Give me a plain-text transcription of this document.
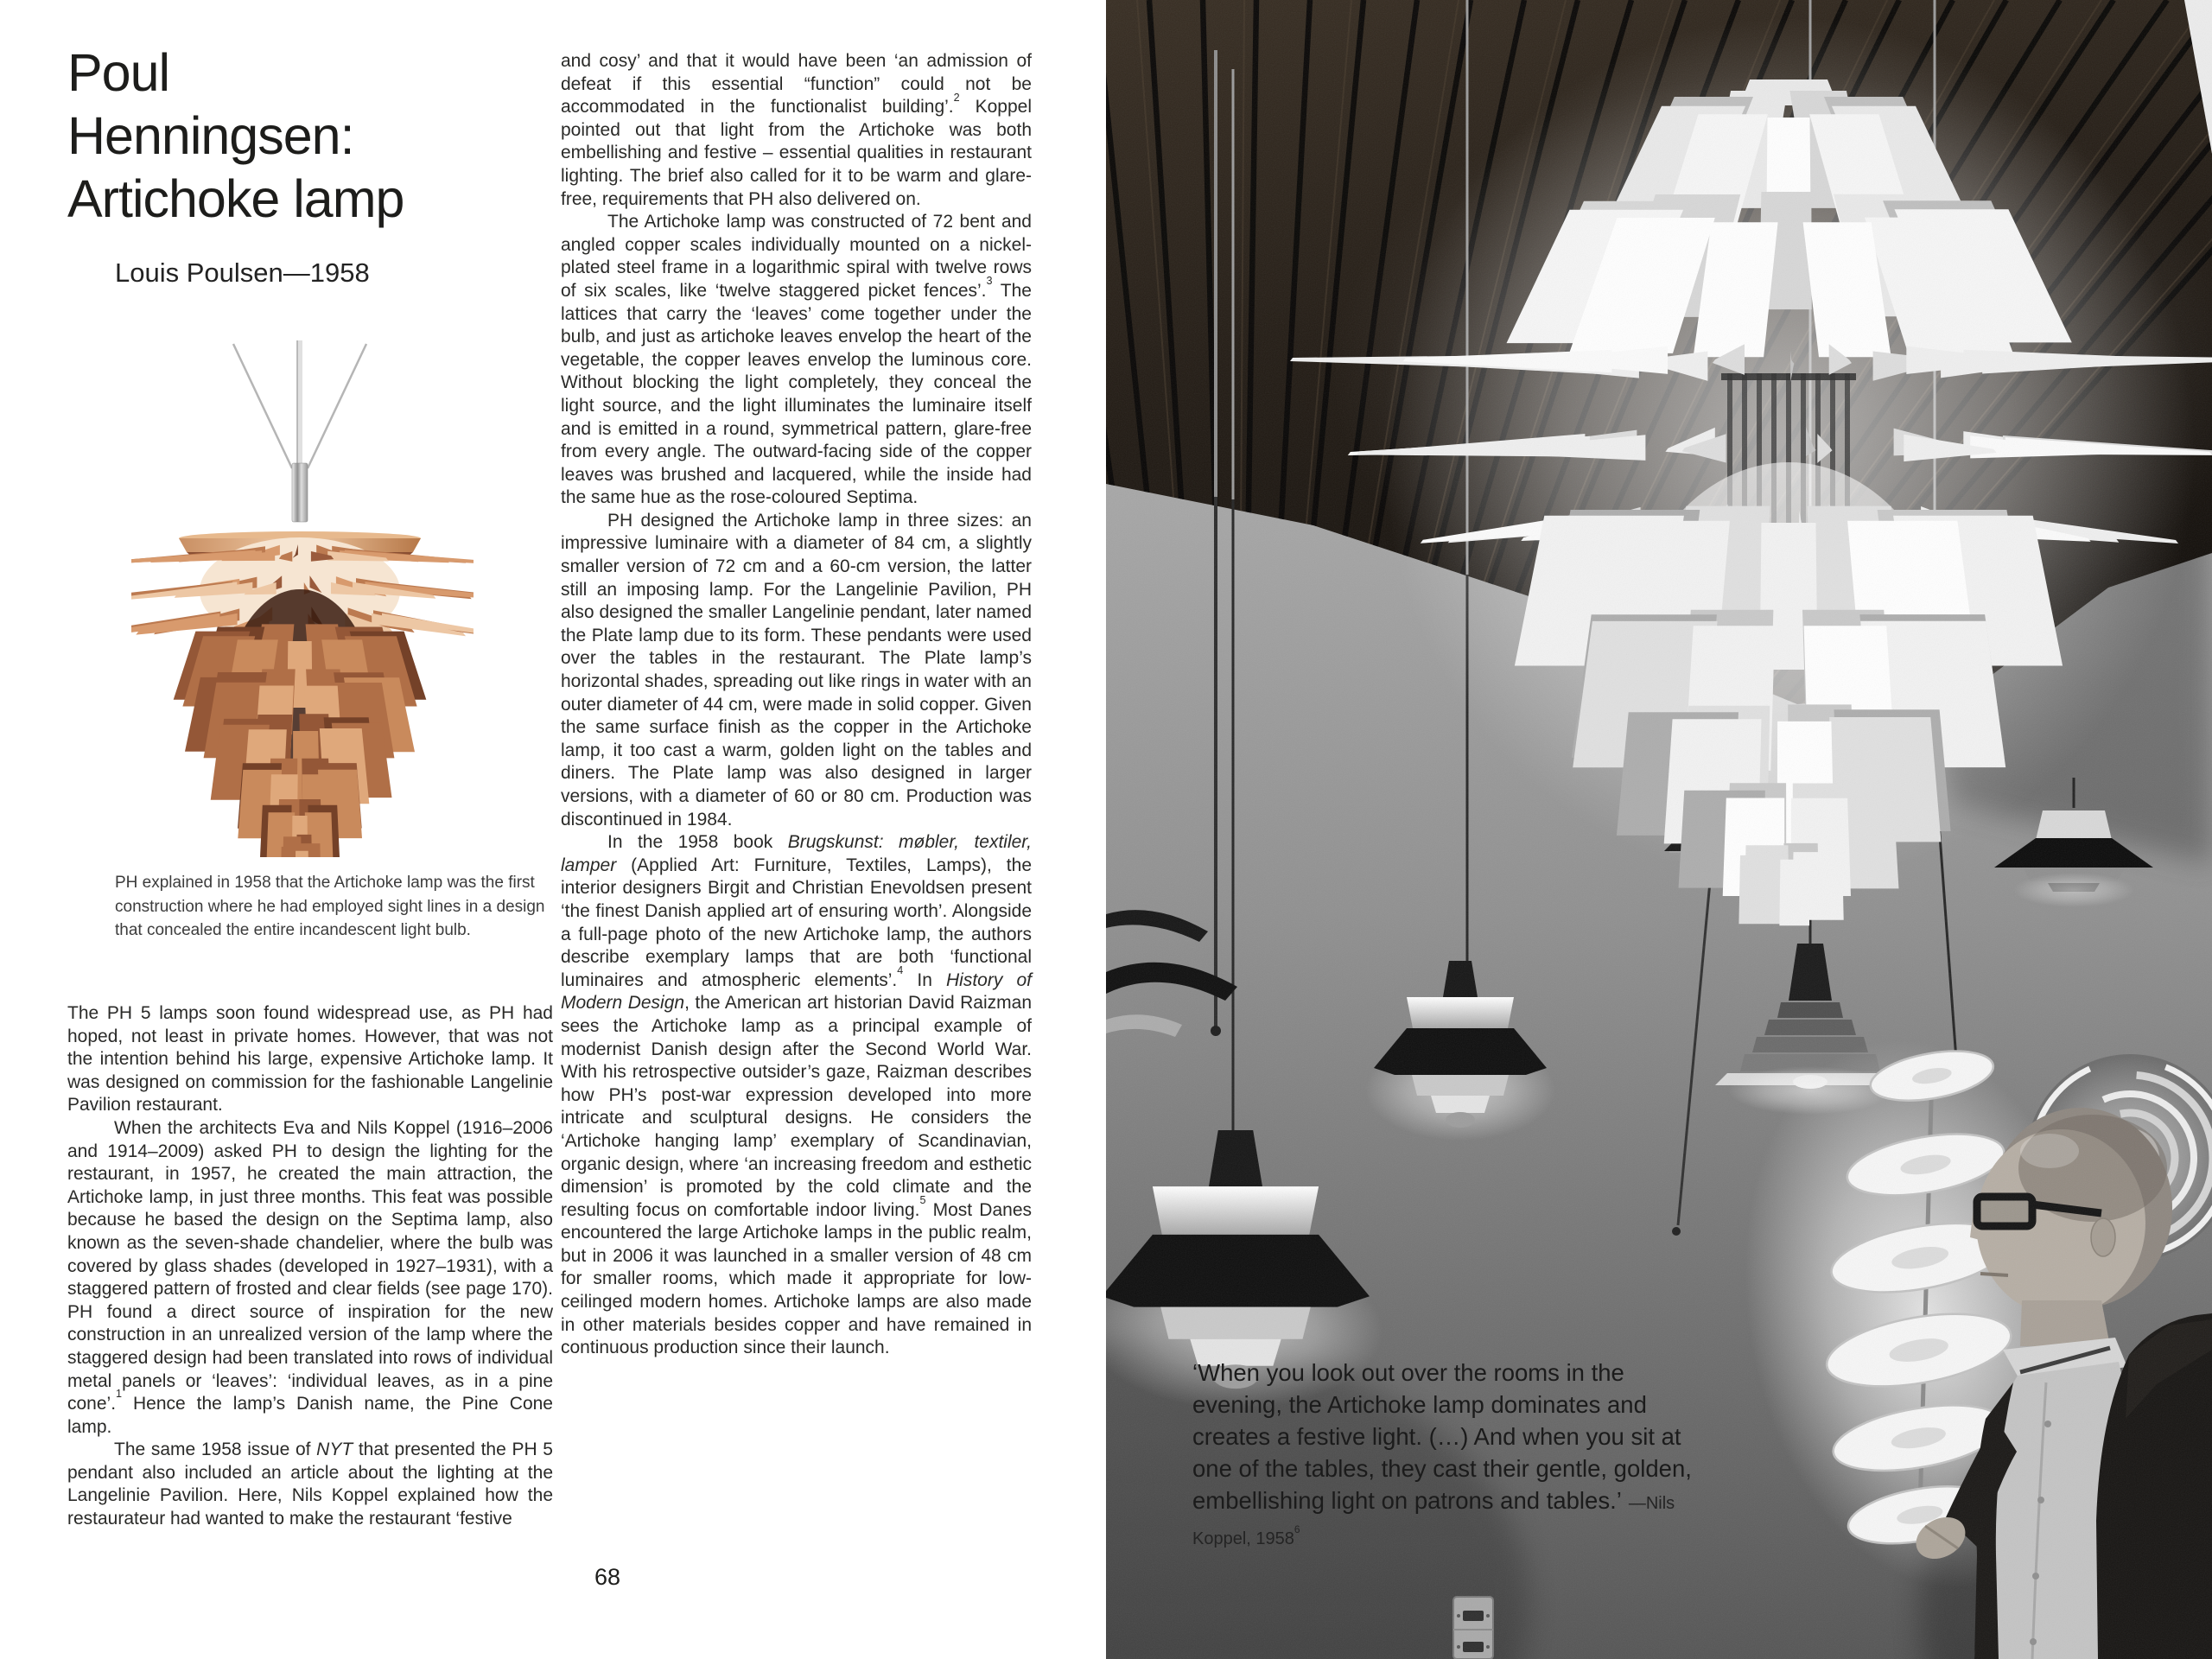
Poul
Henningsen:
Artichoke lamp
Louis Poulsen—1958
PH explained in 1958 that the Artichoke lamp was the first construction where he had employed sight lines in a design that concealed the entire incandescent light bulb.

The PH 5 lamps soon found widespread use, as PH had hoped, not least in private homes. However, that was not the intention behind his large, expensive Artichoke lamp. It was designed on commission for the fashionable Langelinie Pavilion restaurant.

When the architects Eva and Nils Koppel (1916–2006 and 1914–2009) asked PH to design the lighting for the restaurant, in 1957, he created the main attraction, the Artichoke lamp, in just three months. This feat was possible because he based the design on the Septima lamp, also known as the seven-shade chandelier, where the bulb was covered by glass shades (developed in 1927–1931), with a staggered pattern of frosted and clear fields (see page 170). PH found a direct source of inspiration for the new construction in an unrealized version of the lamp where the staggered design had been translated into rows of individual metal panels or ‘leaves’: ‘individual leaves, as in a pine cone’.$^1$ Hence the lamp’s Danish name, the Pine Cone lamp.

The same 1958 issue of NYT that presented the PH 5 pendant also included an article about the lighting at the Langelinie Pavilion. Here, Nils Koppel explained how the restaurateur had wanted to make the restaurant ‘festive

and cosy’ and that it would have been ‘an admission of defeat if this essential “function” could not be accommodated in the functionalist building’.$^2$ Koppel pointed out that light from the Artichoke was both embellishing and festive – essential qualities in restaurant lighting. The brief also called for it to be warm and glare-free, requirements that PH also delivered on.

The Artichoke lamp was constructed of 72 bent and angled copper scales individually mounted on a nickel-plated steel frame in a logarithmic spiral with twelve rows of six scales, like ‘twelve staggered picket fences’.$^3$ The lattices that carry the ‘leaves’ come together under the bulb, and just as artichoke leaves envelop the heart of the vegetable, the copper leaves envelop the luminous core. Without blocking the light completely, they conceal the light source, and the light illuminates the luminaire itself and is emitted in a round, symmetrical pattern, glare-free from every angle. The outward-facing side of the copper leaves was brushed and lacquered, while the inside had the same hue as the rose-coloured Septima.

PH designed the Artichoke lamp in three sizes: an impressive luminaire with a diameter of 84 cm, a slightly smaller version of 72 cm and a 60-cm version, the latter still an imposing lamp. For the Langelinie Pavilion, PH also designed the smaller Langelinie pendant, later named the Plate lamp due to its form. These pendants were used over the tables in the restaurant. The Plate lamp’s horizontal shades, spreading out like rings in water with an outer diameter of 44 cm, were made in solid copper. Given the same surface finish as the copper in the Artichoke lamp, it too cast a warm, golden light on the tables and diners. The Plate lamp was also designed in larger versions, with a diameter of 60 or 80 cm. Production was discontinued in 1984.

In the 1958 book Brugskunst: møbler, textiler, lamper (Applied Art: Furniture, Textiles, Lamps), the interior designers Birgit and Christian Enevoldsen present ‘the finest Danish applied art of ensuring worth’. Alongside a full-page photo of the new Artichoke lamp, the authors describe exemplary lamps that are both ‘functional luminaires and atmospheric elements’.$^4$ In History of Modern Design, the American art historian David Raizman sees the Artichoke lamp as a principal example of modernist Danish design after the Second World War. With his retrospective outsider’s gaze, Raizman describes how PH’s post-war expression developed into more intricate and sculptural designs. He considers the ‘Artichoke hanging lamp’ exemplary of Scandinavian, organic design, where ‘an increasing freedom and esthetic dimension’ is promoted by the cold climate and the resulting focus on comfortable indoor living.$^5$ Most Danes encountered the large Artichoke lamps in the public realm, but in 2006 it was launched in a smaller version of 48 cm for smaller rooms, which made it appropriate for low-ceilinged modern homes. Artichoke lamps are also made in other materials besides copper and have remained in continuous production since their launch.

68
‘When you look out over the rooms in the evening, the Artichoke lamp dominates and creates a festive light. (…) And when you sit at one of the tables, they cast their gentle, golden, embellishing light on patrons and tables.’ —Nils Koppel, 1958$^6$
